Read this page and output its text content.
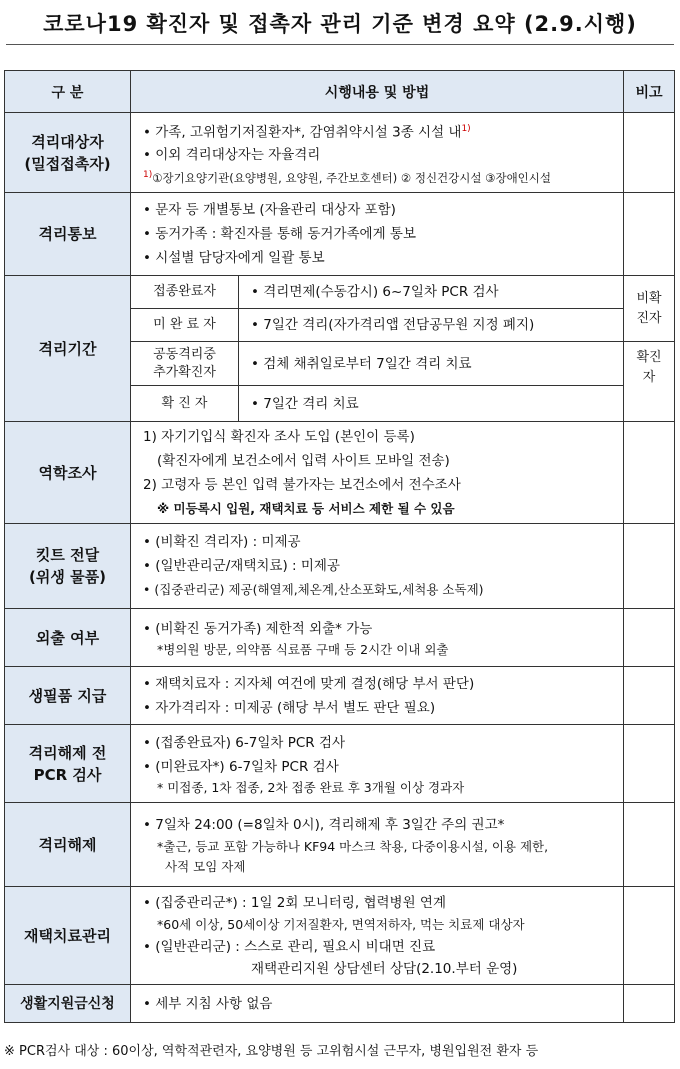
코로나19 확진자 및 접촉자 관리 기준 변경 요약 (2.9.시행)
구 분	시행내용 및 방법		비고

격리대상자
(밀접접촉자)	• 가족, 고위험기저질환자*, 감염취약시설 3종 시설 내$^{1)}$
• 이외 격리대상자는 자율격리
$^{1)}$①장기요양기관(요양병원, 요양원, 주간보호센터) ② 정신건강시설 ③장애인시설		

격리통보	• 문자 등 개별통보 (자율관리 대상자 포함)
• 동거가족 : 확진자를 통해 동거가족에게 통보
• 시설별 담당자에게 일괄 통보		

격리기간	접종완료자	• 격리면제(수동감시) 6~7일차 PCR 검사	비확
진자

	미 완 료 자	• 7일간 격리(자가격리앱 전담공무원 지정 폐지)	

	공동격리중
추가확진자	• 검체 채취일로부터 7일간 격리 치료	확진
자

	확 진 자	• 7일간 격리 치료	

역학조사	1) 자기기입식 확진자 조사 도입 (본인이 등록)
(확진자에게 보건소에서 입력 사이트 모바일 전송)
2) 고령자 등 본인 입력 불가자는 보건소에서 전수조사
※ 미등록시 입원, 재택치료 등 서비스 제한 될 수 있음		

킷트 전달
(위생 물품)	• (비확진 격리자) : 미제공
• (일반관리군/재택치료) : 미제공
• (집중관리군) 제공(해열제,체온계,산소포화도,세척용 소독제)		

외출 여부	• (비확진 동거가족) 제한적 외출* 가능
*병의원 방문, 의약품 식료품 구매 등 2시간 이내 외출		

생필품 지급	• 재택치료자 : 지자체 여건에 맞게 결정(해당 부서 판단)
• 자가격리자 : 미제공 (해당 부서 별도 판단 필요)		

격리해제 전
PCR 검사	• (접종완료자) 6-7일차 PCR 검사
• (미완료자*) 6-7일차 PCR 검사
* 미접종, 1차 접종, 2차 접종 완료 후 3개월 이상 경과자		

격리해제	• 7일차 24:00 (=8일차 0시), 격리해제 후 3일간 주의 권고*
*출근, 등교 포함 가능하나 KF94 마스크 착용, 다중이용시설, 이용 제한,
사적 모임 자제		

재택치료관리	• (집중관리군*) : 1일 2회 모니터링, 협력병원 연계
*60세 이상, 50세이상 기저질환자, 면역저하자, 먹는 치료제 대상자
• (일반관리군) : 스스로 관리, 필요시 비대면 진료
재택관리지원 상담센터 상담(2.10.부터 운영)		

생활지원금신청	• 세부 지침 사항 없음		

※ PCR검사 대상 : 60이상, 역학적관련자, 요양병원 등 고위험시설 근무자, 병원입원전 환자 등
